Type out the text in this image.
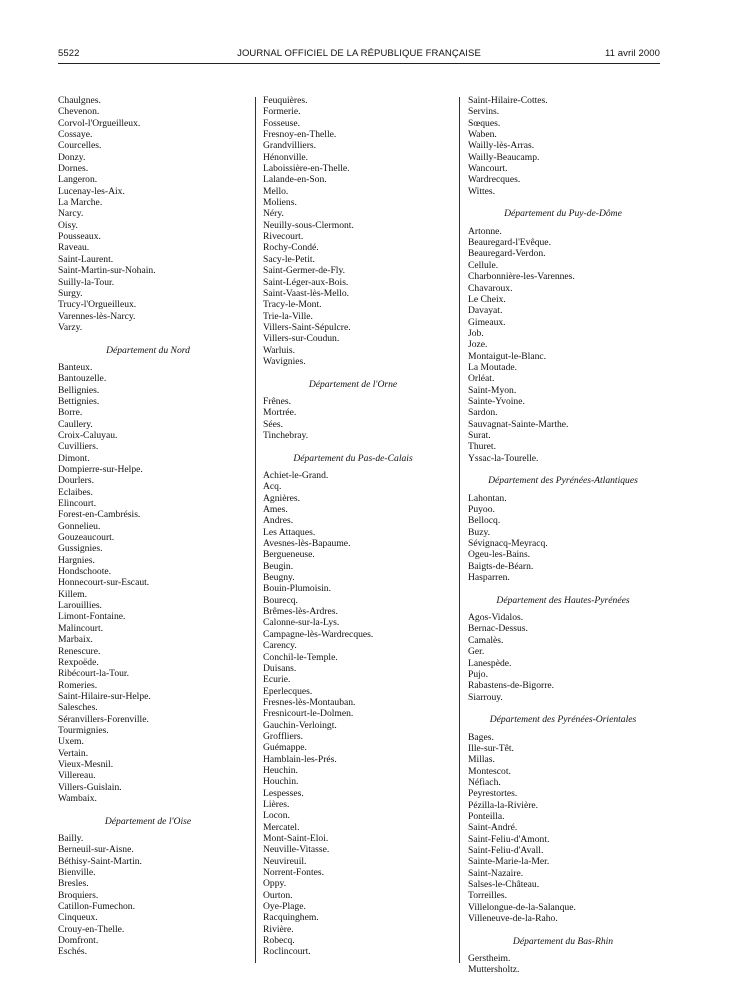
5522	JOURNAL OFFICIEL DE LA RÉPUBLIQUE FRANÇAISE	11 avril 2000
Chaulgnes.
Chevenon.
Corvol-l'Orgueilleux.
Cossaye.
Courcelles.
Donzy.
Dornes.
Langeron.
Lucenay-les-Aix.
La Marche.
Narcy.
Oisy.
Pousseaux.
Raveau.
Saint-Laurent.
Saint-Martin-sur-Nohain.
Suilly-la-Tour.
Surgy.
Trucy-l'Orgueilleux.
Varennes-lès-Narcy.
Varzy.
Département du Nord
Banteux.
Bantouzelle.
Bellignies.
Bettignies.
Borre.
Caullery.
Croix-Caluyau.
Cuvilliers.
Dimont.
Dompierre-sur-Helpe.
Dourlers.
Eclaibes.
Elincourt.
Forest-en-Cambrésis.
Gonnelieu.
Gouzeaucourt.
Gussignies.
Hargnies.
Hondschoote.
Honnecourt-sur-Escaut.
Killem.
Larouillies.
Limont-Fontaine.
Malincourt.
Marbaix.
Renescure.
Rexpoëde.
Ribécourt-la-Tour.
Romeries.
Saint-Hilaire-sur-Helpe.
Salesches.
Séranvillers-Forenville.
Tourmignies.
Uxem.
Vertain.
Vieux-Mesnil.
Villereau.
Villers-Guislain.
Wambaix.
Département de l'Oise
Bailly.
Berneuil-sur-Aisne.
Béthisy-Saint-Martin.
Bienville.
Bresles.
Broquiers.
Catillon-Fumechon.
Cinqueux.
Crouy-en-Thelle.
Domfront.
Eschés.
Feuquières.
Formerie.
Fosseuse.
Fresnoy-en-Thelle.
Grandvilliers.
Hénonville.
Laboissière-en-Thelle.
Lalande-en-Son.
Mello.
Moliens.
Néry.
Neuilly-sous-Clermont.
Rivecourt.
Rochy-Condé.
Sacy-le-Petit.
Saint-Germer-de-Fly.
Saint-Léger-aux-Bois.
Saint-Vaast-lès-Mello.
Tracy-le-Mont.
Trie-la-Ville.
Villers-Saint-Sépulcre.
Villers-sur-Coudun.
Warluis.
Wavignies.
Département de l'Orne
Frênes.
Mortrée.
Sées.
Tinchebray.
Département du Pas-de-Calais
Achiet-le-Grand.
Acq.
Agnières.
Ames.
Andres.
Les Attaques.
Avesnes-lès-Bapaume.
Bergueneuse.
Beugin.
Beugny.
Bouin-Plumoisin.
Bourecq.
Brêmes-lès-Ardres.
Calonne-sur-la-Lys.
Campagne-lès-Wardrecques.
Carency.
Conchil-le-Temple.
Duisans.
Ecurie.
Eperlecques.
Fresnes-lès-Montauban.
Fresnicourt-le-Dolmen.
Gauchin-Verloingt.
Groffliers.
Guémappe.
Hamblain-les-Prés.
Heuchin.
Houchin.
Lespesses.
Lières.
Locon.
Mercatel.
Mont-Saint-Eloi.
Neuville-Vitasse.
Neuvireuil.
Norrent-Fontes.
Oppy.
Ourton.
Oye-Plage.
Racquinghem.
Rivière.
Robecq.
Roclincourt.
Saint-Hilaire-Cottes.
Servins.
Sœques.
Waben.
Wailly-lès-Arras.
Wailly-Beaucamp.
Wancourt.
Wardrecques.
Wittes.
Département du Puy-de-Dôme
Artonne.
Beauregard-l'Evêque.
Beauregard-Verdon.
Cellule.
Charbonnière-les-Varennes.
Chavaroux.
Le Cheix.
Davayat.
Gimeaux.
Job.
Joze.
Montaigut-le-Blanc.
La Moutade.
Orléat.
Saint-Myon.
Sainte-Yvoine.
Sardon.
Sauvagnat-Sainte-Marthe.
Surat.
Thuret.
Yssac-la-Tourelle.
Département des Pyrénées-Atlantiques
Lahontan.
Puyoo.
Bellocq.
Buzy.
Sévignacq-Meyracq.
Ogeu-les-Bains.
Baigts-de-Béarn.
Hasparren.
Département des Hautes-Pyrénées
Agos-Vidalos.
Bernac-Dessus.
Camalès.
Ger.
Lanespède.
Pujo.
Rabastens-de-Bigorre.
Siarrouy.
Département des Pyrénées-Orientales
Bages.
Ille-sur-Têt.
Millas.
Montescot.
Néfiach.
Peyrestortes.
Pézilla-la-Rivière.
Ponteilla.
Saint-André.
Saint-Feliu-d'Amont.
Saint-Feliu-d'Avall.
Sainte-Marie-la-Mer.
Saint-Nazaire.
Salses-le-Château.
Torreilles.
Villelongue-de-la-Salanque.
Villeneuve-de-la-Raho.
Département du Bas-Rhin
Gerstheim.
Muttersholtz.
